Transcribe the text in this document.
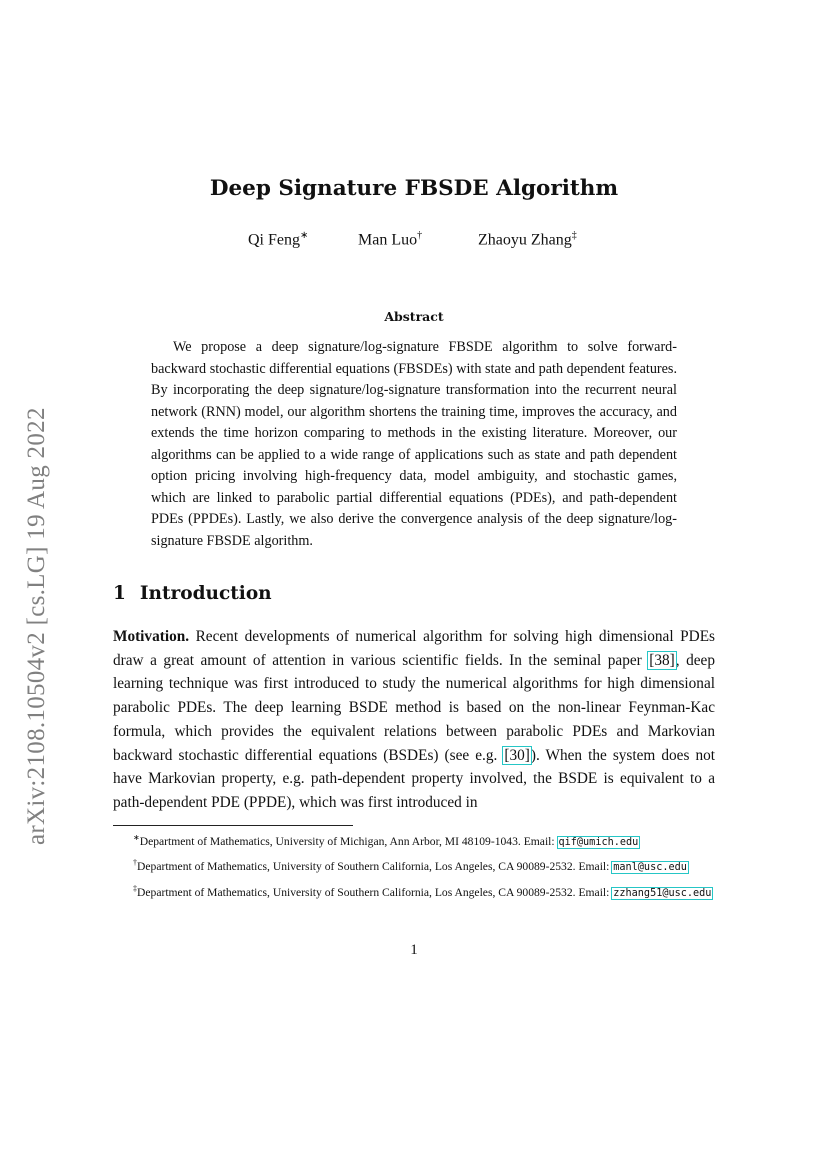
arXiv:2108.10504v2 [cs.LG] 19 Aug 2022
Deep Signature FBSDE Algorithm
Qi Feng∗	Man Luo†	Zhaoyu Zhang‡
Abstract

We propose a deep signature/log-signature FBSDE algorithm to solve forward-backward stochastic differential equations (FBSDEs) with state and path dependent features. By incorporating the deep signature/log-signature transformation into the recurrent neural network (RNN) model, our algorithm shortens the training time, improves the accuracy, and extends the time horizon comparing to methods in the existing literature. Moreover, our algorithms can be applied to a wide range of applications such as state and path dependent option pricing involving high-frequency data, model ambiguity, and stochastic games, which are linked to parabolic partial differential equations (PDEs), and path-dependent PDEs (PPDEs). Lastly, we also derive the convergence analysis of the deep signature/log-signature FBSDE algorithm.

1 Introduction

Motivation. Recent developments of numerical algorithm for solving high dimensional PDEs draw a great amount of attention in various scientific fields. In the seminal paper [38], deep learning technique was first introduced to study the numerical algorithms for high dimensional parabolic PDEs. The deep learning BSDE method is based on the non-linear Feynman-Kac formula, which provides the equivalent relations between parabolic PDEs and Markovian backward stochastic differential equations (BSDEs) (see e.g. [30]). When the system does not have Markovian property, e.g. path-dependent property involved, the BSDE is equivalent to a path-dependent PDE (PPDE), which was first introduced in

∗Department of Mathematics, University of Michigan, Ann Arbor, MI 48109-1043. Email: qif@umich.edu

†Department of Mathematics, University of Southern California, Los Angeles, CA 90089-2532. Email: manl@usc.edu

‡Department of Mathematics, University of Southern California, Los Angeles, CA 90089-2532. Email: zzhang51@usc.edu

1
